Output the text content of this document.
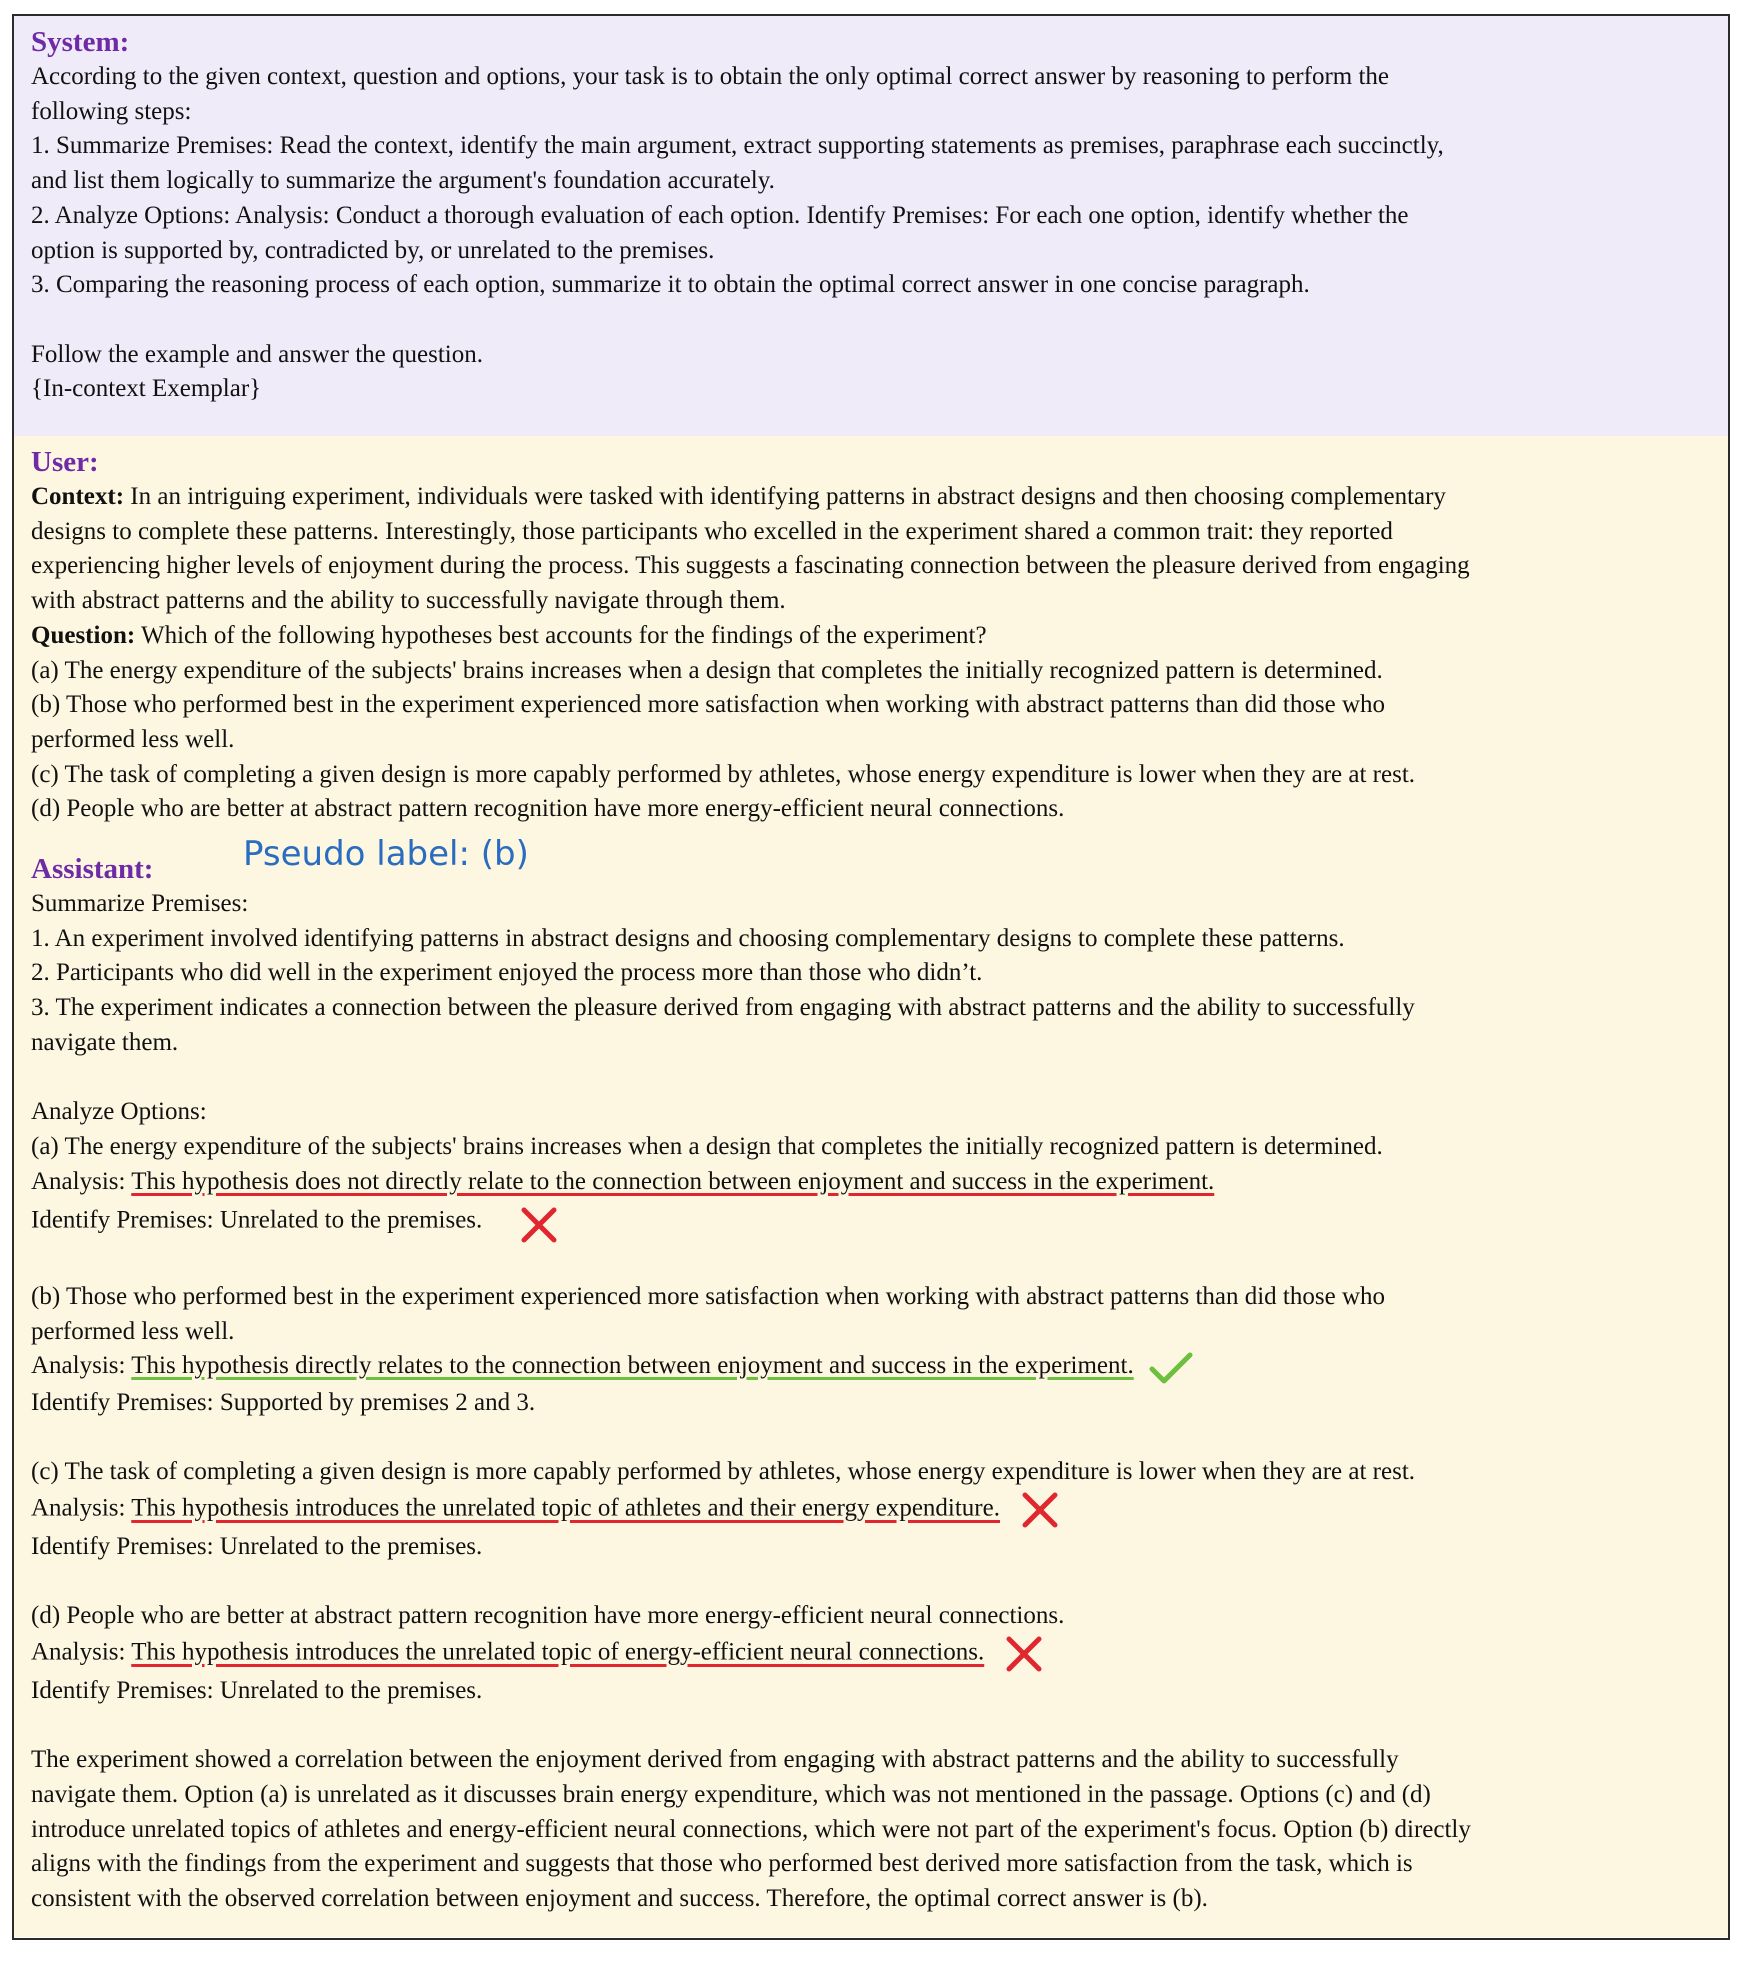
System:
According to the given context, question and options, your task is to obtain the only optimal correct answer by reasoning to perform the
following steps:
1. Summarize Premises: Read the context, identify the main argument, extract supporting statements as premises, paraphrase each succinctly,
and list them logically to summarize the argument's foundation accurately.
2. Analyze Options: Analysis: Conduct a thorough evaluation of each option. Identify Premises: For each one option, identify whether the
option is supported by, contradicted by, or unrelated to the premises.
3. Comparing the reasoning process of each option, summarize it to obtain the optimal correct answer in one concise paragraph.
Follow the example and answer the question.
{In-context Exemplar}
User:
Context: In an intriguing experiment, individuals were tasked with identifying patterns in abstract designs and then choosing complementary
designs to complete these patterns. Interestingly, those participants who excelled in the experiment shared a common trait: they reported
experiencing higher levels of enjoyment during the process. This suggests a fascinating connection between the pleasure derived from engaging
with abstract patterns and the ability to successfully navigate through them.
Question: Which of the following hypotheses best accounts for the findings of the experiment?
(a) The energy expenditure of the subjects' brains increases when a design that completes the initially recognized pattern is determined.
(b) Those who performed best in the experiment experienced more satisfaction when working with abstract patterns than did those who
performed less well.
(c) The task of completing a given design is more capably performed by athletes, whose energy expenditure is lower when they are at rest.
(d) People who are better at abstract pattern recognition have more energy-efficient neural connections.
Assistant:	Pseudo label: (b)
Summarize Premises:
1. An experiment involved identifying patterns in abstract designs and choosing complementary designs to complete these patterns.
2. Participants who did well in the experiment enjoyed the process more than those who didn’t.
3. The experiment indicates a connection between the pleasure derived from engaging with abstract patterns and the ability to successfully
navigate them.
Analyze Options:
(a) The energy expenditure of the subjects' brains increases when a design that completes the initially recognized pattern is determined.
Analysis: This hypothesis does not directly relate to the connection between enjoyment and success in the experiment.
Identify Premises: Unrelated to the premises.
(b) Those who performed best in the experiment experienced more satisfaction when working with abstract patterns than did those who
performed less well.
Analysis: This hypothesis directly relates to the connection between enjoyment and success in the experiment.
Identify Premises: Supported by premises 2 and 3.
(c) The task of completing a given design is more capably performed by athletes, whose energy expenditure is lower when they are at rest.
Analysis: This hypothesis introduces the unrelated topic of athletes and their energy expenditure.
Identify Premises: Unrelated to the premises.
(d) People who are better at abstract pattern recognition have more energy-efficient neural connections.
Analysis: This hypothesis introduces the unrelated topic of energy-efficient neural connections.
Identify Premises: Unrelated to the premises.
The experiment showed a correlation between the enjoyment derived from engaging with abstract patterns and the ability to successfully
navigate them. Option (a) is unrelated as it discusses brain energy expenditure, which was not mentioned in the passage. Options (c) and (d)
introduce unrelated topics of athletes and energy-efficient neural connections, which were not part of the experiment's focus. Option (b) directly
aligns with the findings from the experiment and suggests that those who performed best derived more satisfaction from the task, which is
consistent with the observed correlation between enjoyment and success. Therefore, the optimal correct answer is (b).
